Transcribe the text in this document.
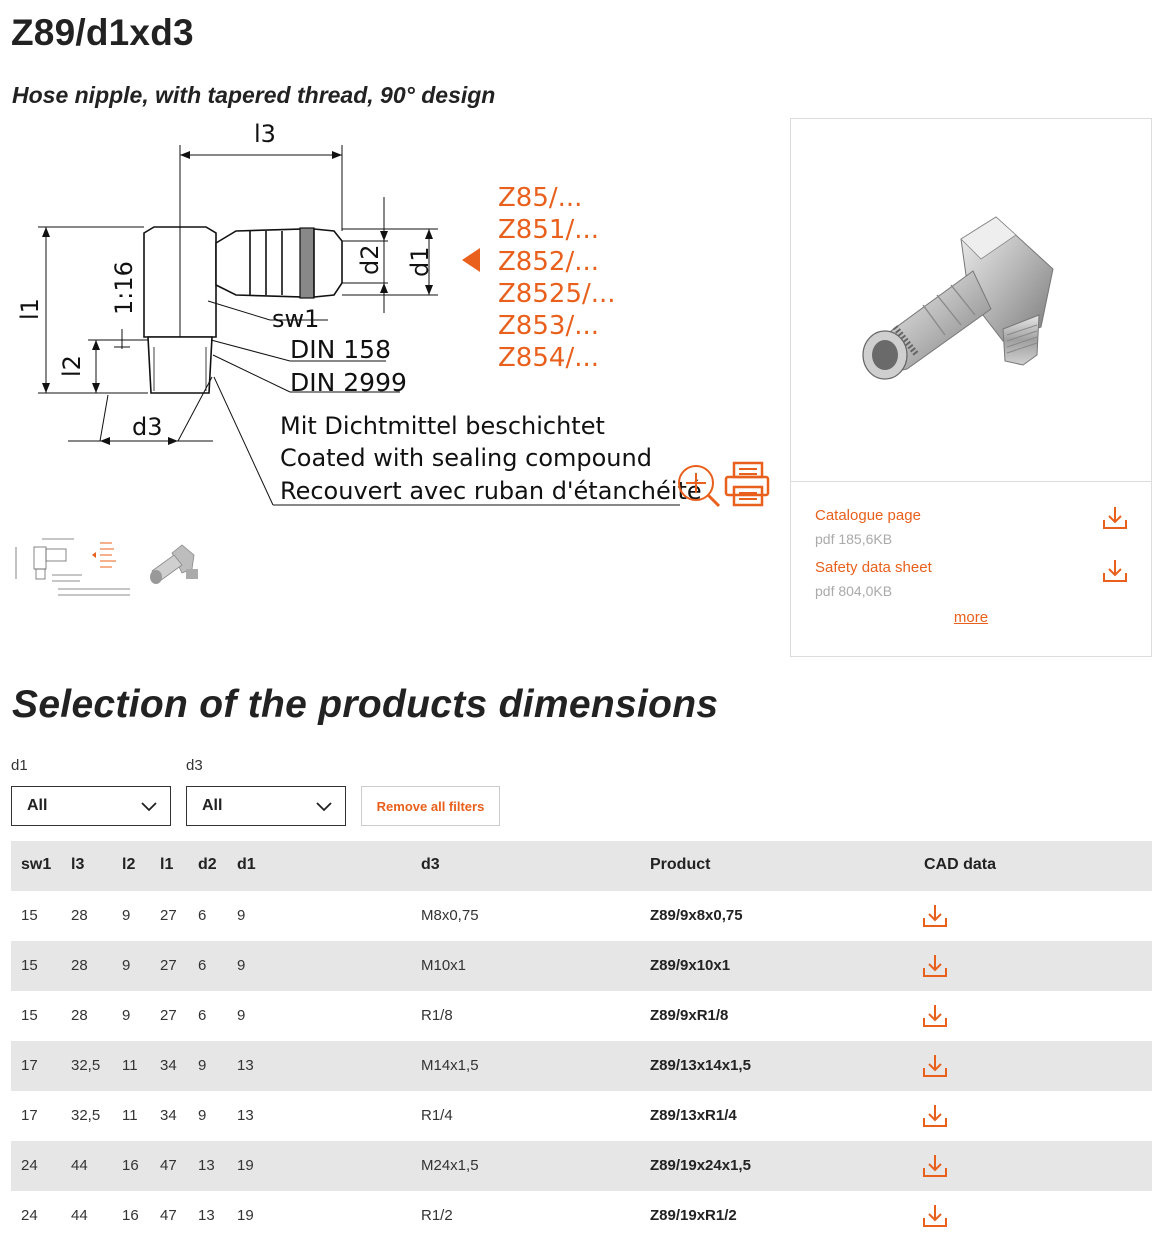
Z89/d1xd3
Hose nipple, with tapered thread, 90° design
l3
l1
l2
d1
d2
d3
sw1
1:16
DIN 158
DIN 2999
Mit Dichtmittel beschichtet
Coated with sealing compound
Recouvert avec ruban d'étanchéité
Z85/...
Z851/...
Z852/...
Z8525/...
Z853/...
Z854/...
Catalogue page
pdf 185,6KB
Safety data sheet
pdf 804,0KB
more
Selection of the products dimensions
d1
All
d3
All	Remove all filters
sw1 l3 l2 l1 d2 d1	d3	Product	CAD data
15 28 9 27 6 9	M8x0,75	Z89/9x8x0,75
15 28 9 27 6 9	M10x1	Z89/9x10x1
15 28 9 27 6 9	R1/8	Z89/9xR1/8
17 32,5 11 34 9 13	M14x1,5	Z89/13x14x1,5
17 32,5 11 34 9 13	R1/4	Z89/13xR1/4
24 44 16 47 13 19	M24x1,5	Z89/19x24x1,5
24 44 16 47 13 19	R1/2	Z89/19xR1/2
